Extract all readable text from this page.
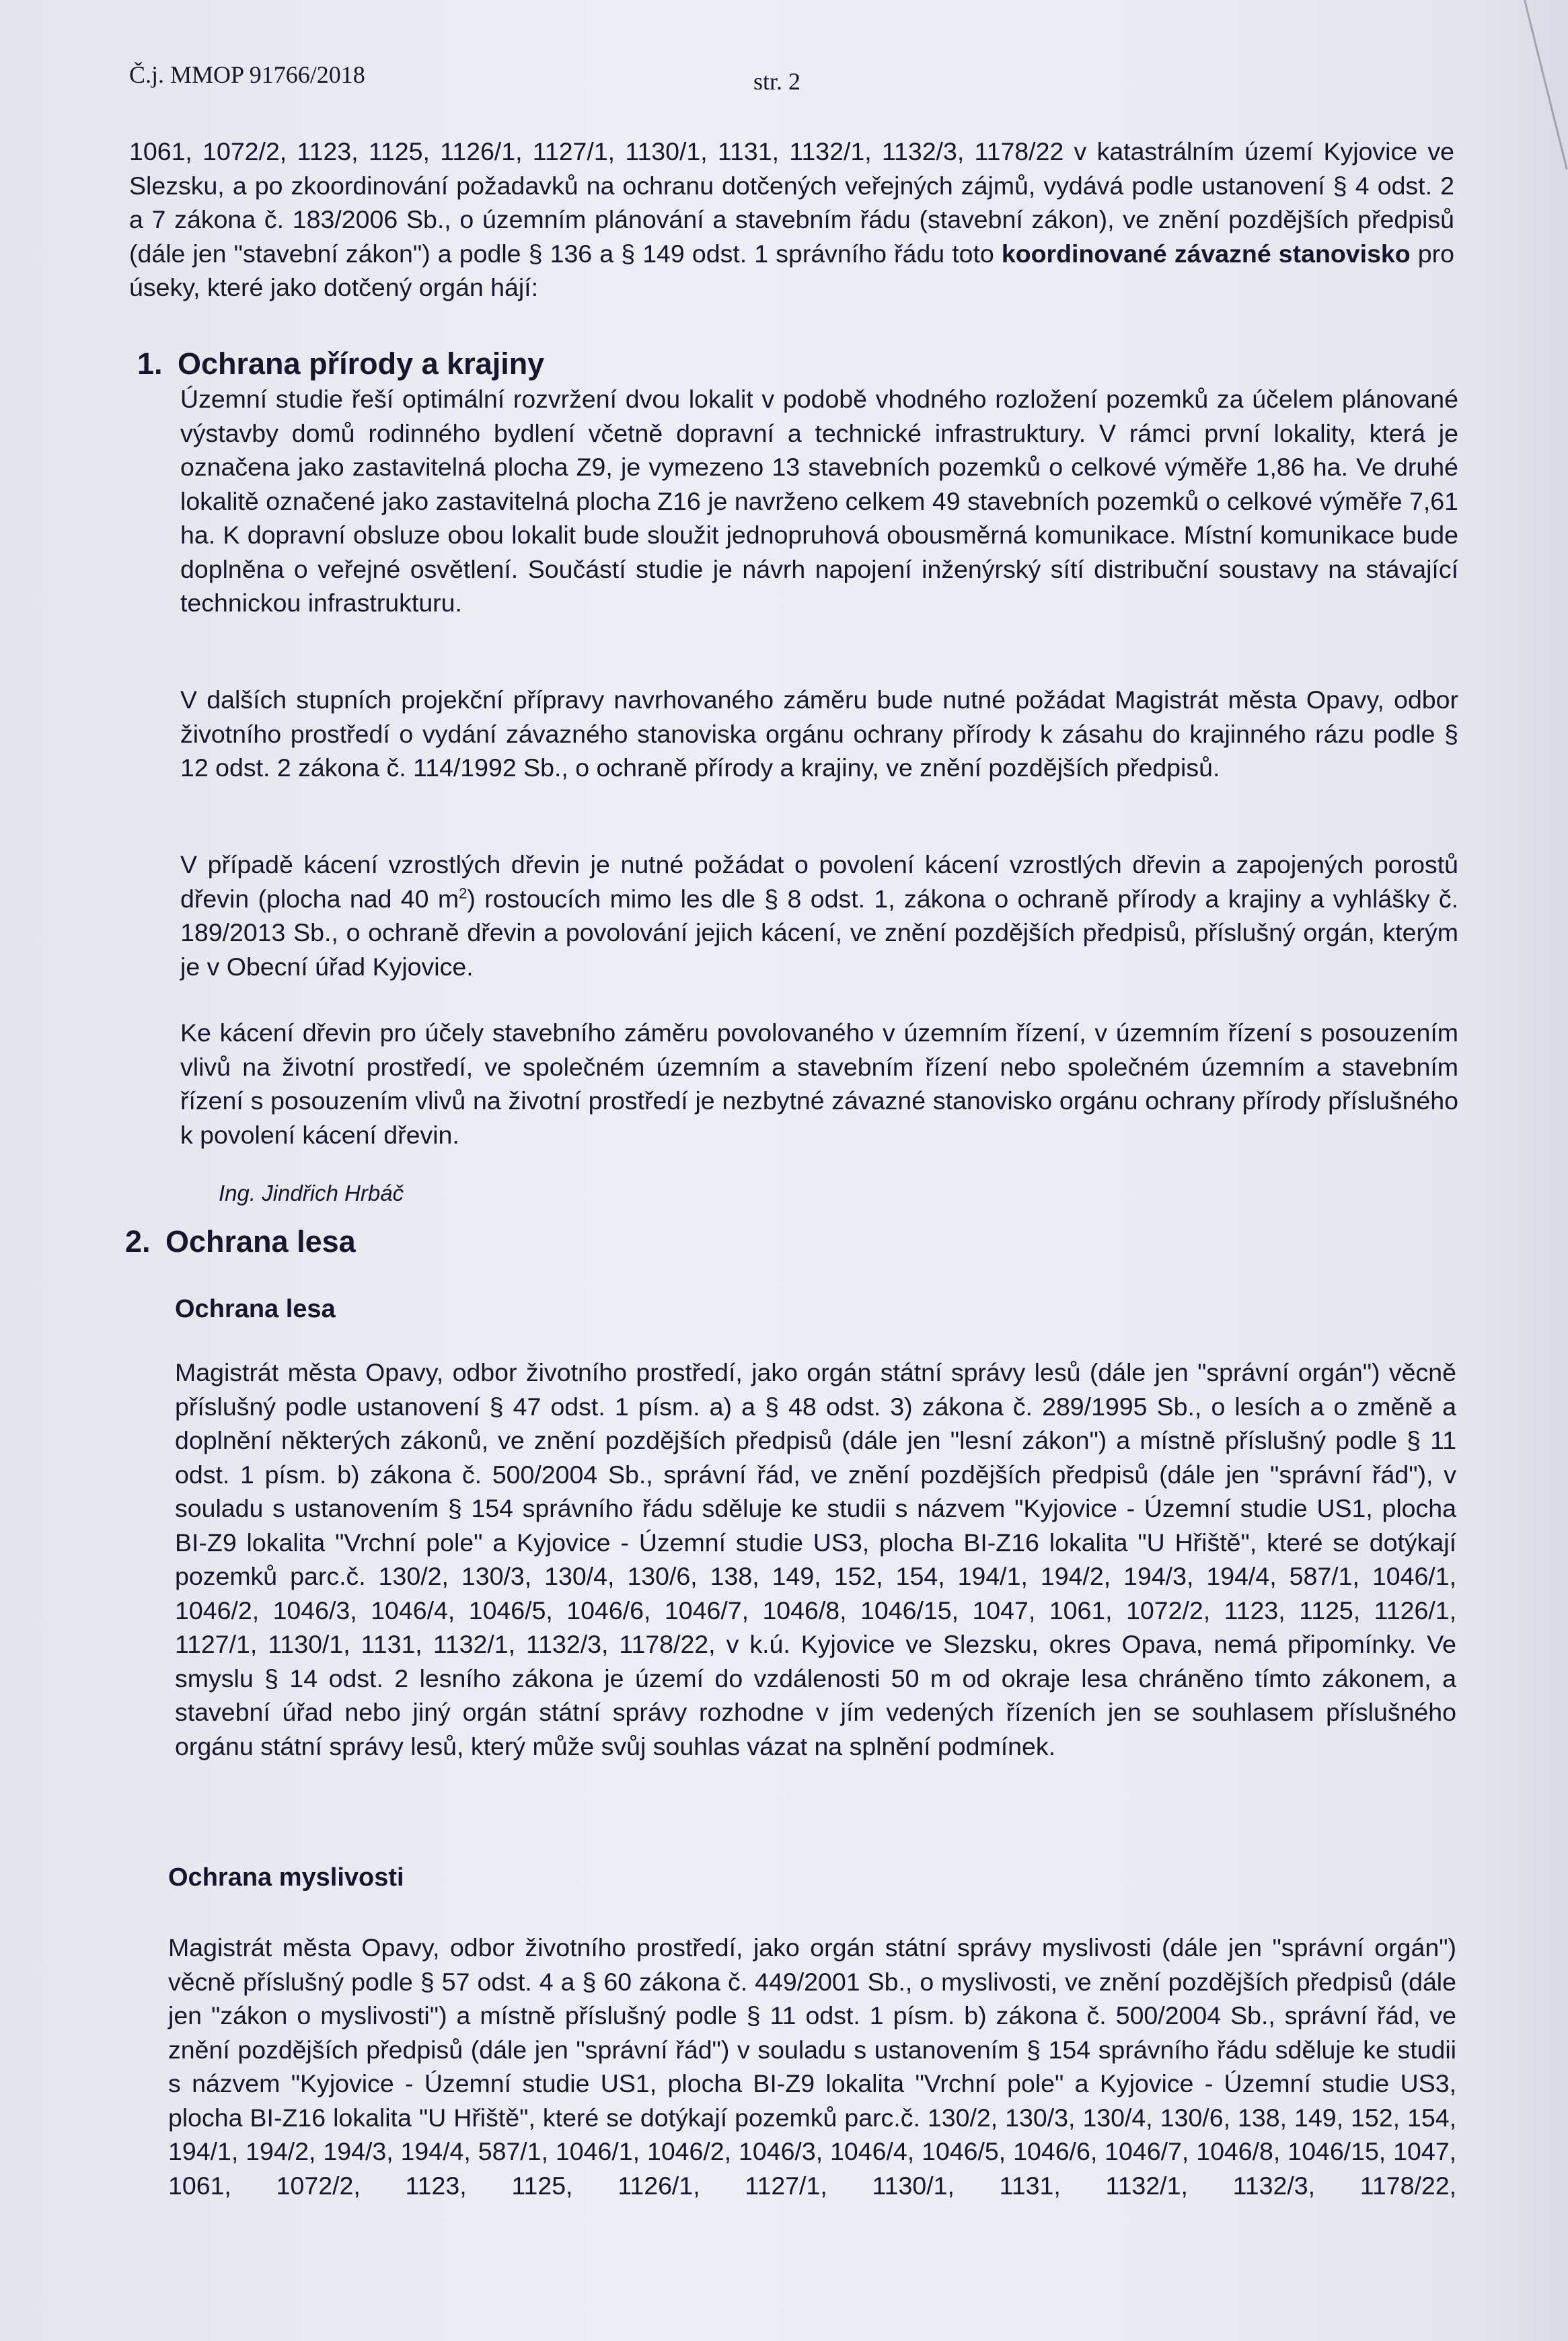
Č.j. MMOP 91766/2018	str. 2

1061, 1072/2, 1123, 1125, 1126/1, 1127/1, 1130/1, 1131, 1132/1, 1132/3, 1178/22 v katastrálním území Kyjovice ve Slezsku, a po zkoordinování požadavků na ochranu dotčených veřejných zájmů, vydává podle ustanovení § 4 odst. 2 a 7 zákona č. 183/2006 Sb., o územním plánování a stavebním řádu (stavební zákon), ve znění pozdějších předpisů (dále jen "stavební zákon") a podle § 136 a § 149 odst. 1 správního řádu toto koordinované závazné stanovisko pro úseky, které jako dotčený orgán hájí:

1. Ochrana přírody a krajiny

Územní studie řeší optimální rozvržení dvou lokalit v podobě vhodného rozložení pozemků za účelem plánované výstavby domů rodinného bydlení včetně dopravní a technické infrastruktury. V rámci první lokality, která je označena jako zastavitelná plocha Z9, je vymezeno 13 stavebních pozemků o celkové výměře 1,86 ha. Ve druhé lokalitě označené jako zastavitelná plocha Z16 je navrženo celkem 49 stavebních pozemků o celkové výměře 7,61 ha. K dopravní obsluze obou lokalit bude sloužit jednopruhová obousměrná komunikace. Místní komunikace bude doplněna o veřejné osvětlení. Součástí studie je návrh napojení inženýrský sítí distribuční soustavy na stávající technickou infrastrukturu.

V dalších stupních projekční přípravy navrhovaného záměru bude nutné požádat Magistrát města Opavy, odbor životního prostředí o vydání závazného stanoviska orgánu ochrany přírody k zásahu do krajinného rázu podle § 12 odst. 2 zákona č. 114/1992 Sb., o ochraně přírody a krajiny, ve znění pozdějších předpisů.

V případě kácení vzrostlých dřevin je nutné požádat o povolení kácení vzrostlých dřevin a zapojených porostů dřevin (plocha nad 40 $m^2$) rostoucích mimo les dle § 8 odst. 1, zákona o ochraně přírody a krajiny a vyhlášky č. 189/2013 Sb., o ochraně dřevin a povolování jejich kácení, ve znění pozdějších předpisů, příslušný orgán, kterým je v Obecní úřad Kyjovice.

Ke kácení dřevin pro účely stavebního záměru povolovaného v územním řízení, v územním řízení s posouzením vlivů na životní prostředí, ve společném územním a stavebním řízení nebo společném územním a stavebním řízení s posouzením vlivů na životní prostředí je nezbytné závazné stanovisko orgánu ochrany přírody příslušného k povolení kácení dřevin.

Ing. Jindřich Hrbáč
2. Ochrana lesa
Ochrana lesa

Magistrát města Opavy, odbor životního prostředí, jako orgán státní správy lesů (dále jen "správní orgán") věcně příslušný podle ustanovení § 47 odst. 1 písm. a) a § 48 odst. 3) zákona č. 289/1995 Sb., o lesích a o změně a doplnění některých zákonů, ve znění pozdějších předpisů (dále jen "lesní zákon") a místně příslušný podle § 11 odst. 1 písm. b) zákona č. 500/2004 Sb., správní řád, ve znění pozdějších předpisů (dále jen "správní řád"), v souladu s ustanovením § 154 správního řádu sděluje ke studii s názvem "Kyjovice - Územní studie US1, plocha BI-Z9 lokalita "Vrchní pole" a Kyjovice - Územní studie US3, plocha BI-Z16 lokalita "U Hřiště", které se dotýkají pozemků parc.č. 130/2, 130/3, 130/4, 130/6, 138, 149, 152, 154, 194/1, 194/2, 194/3, 194/4, 587/1, 1046/1, 1046/2, 1046/3, 1046/4, 1046/5, 1046/6, 1046/7, 1046/8, 1046/15, 1047, 1061, 1072/2, 1123, 1125, 1126/1, 1127/1, 1130/1, 1131, 1132/1, 1132/3, 1178/22, v k.ú. Kyjovice ve Slezsku, okres Opava, nemá připomínky. Ve smyslu § 14 odst. 2 lesního zákona je území do vzdálenosti 50 m od okraje lesa chráněno tímto zákonem, a stavební úřad nebo jiný orgán státní správy rozhodne v jím vedených řízeních jen se souhlasem příslušného orgánu státní správy lesů, který může svůj souhlas vázat na splnění podmínek.

Ochrana myslivosti

Magistrát města Opavy, odbor životního prostředí, jako orgán státní správy myslivosti (dále jen "správní orgán") věcně příslušný podle § 57 odst. 4 a § 60 zákona č. 449/2001 Sb., o myslivosti, ve znění pozdějších předpisů (dále jen "zákon o myslivosti") a místně příslušný podle § 11 odst. 1 písm. b) zákona č. 500/2004 Sb., správní řád, ve znění pozdějších předpisů (dále jen "správní řád") v souladu s ustanovením § 154 správního řádu sděluje ke studii s názvem "Kyjovice - Územní studie US1, plocha BI-Z9 lokalita "Vrchní pole" a Kyjovice - Územní studie US3, plocha BI-Z16 lokalita "U Hřiště", které se dotýkají pozemků parc.č. 130/2, 130/3, 130/4, 130/6, 138, 149, 152, 154, 194/1, 194/2, 194/3, 194/4, 587/1, 1046/1, 1046/2, 1046/3, 1046/4, 1046/5, 1046/6, 1046/7, 1046/8, 1046/15, 1047, 1061, 1072/2, 1123, 1125, 1126/1, 1127/1, 1130/1, 1131, 1132/1, 1132/3, 1178/22,
